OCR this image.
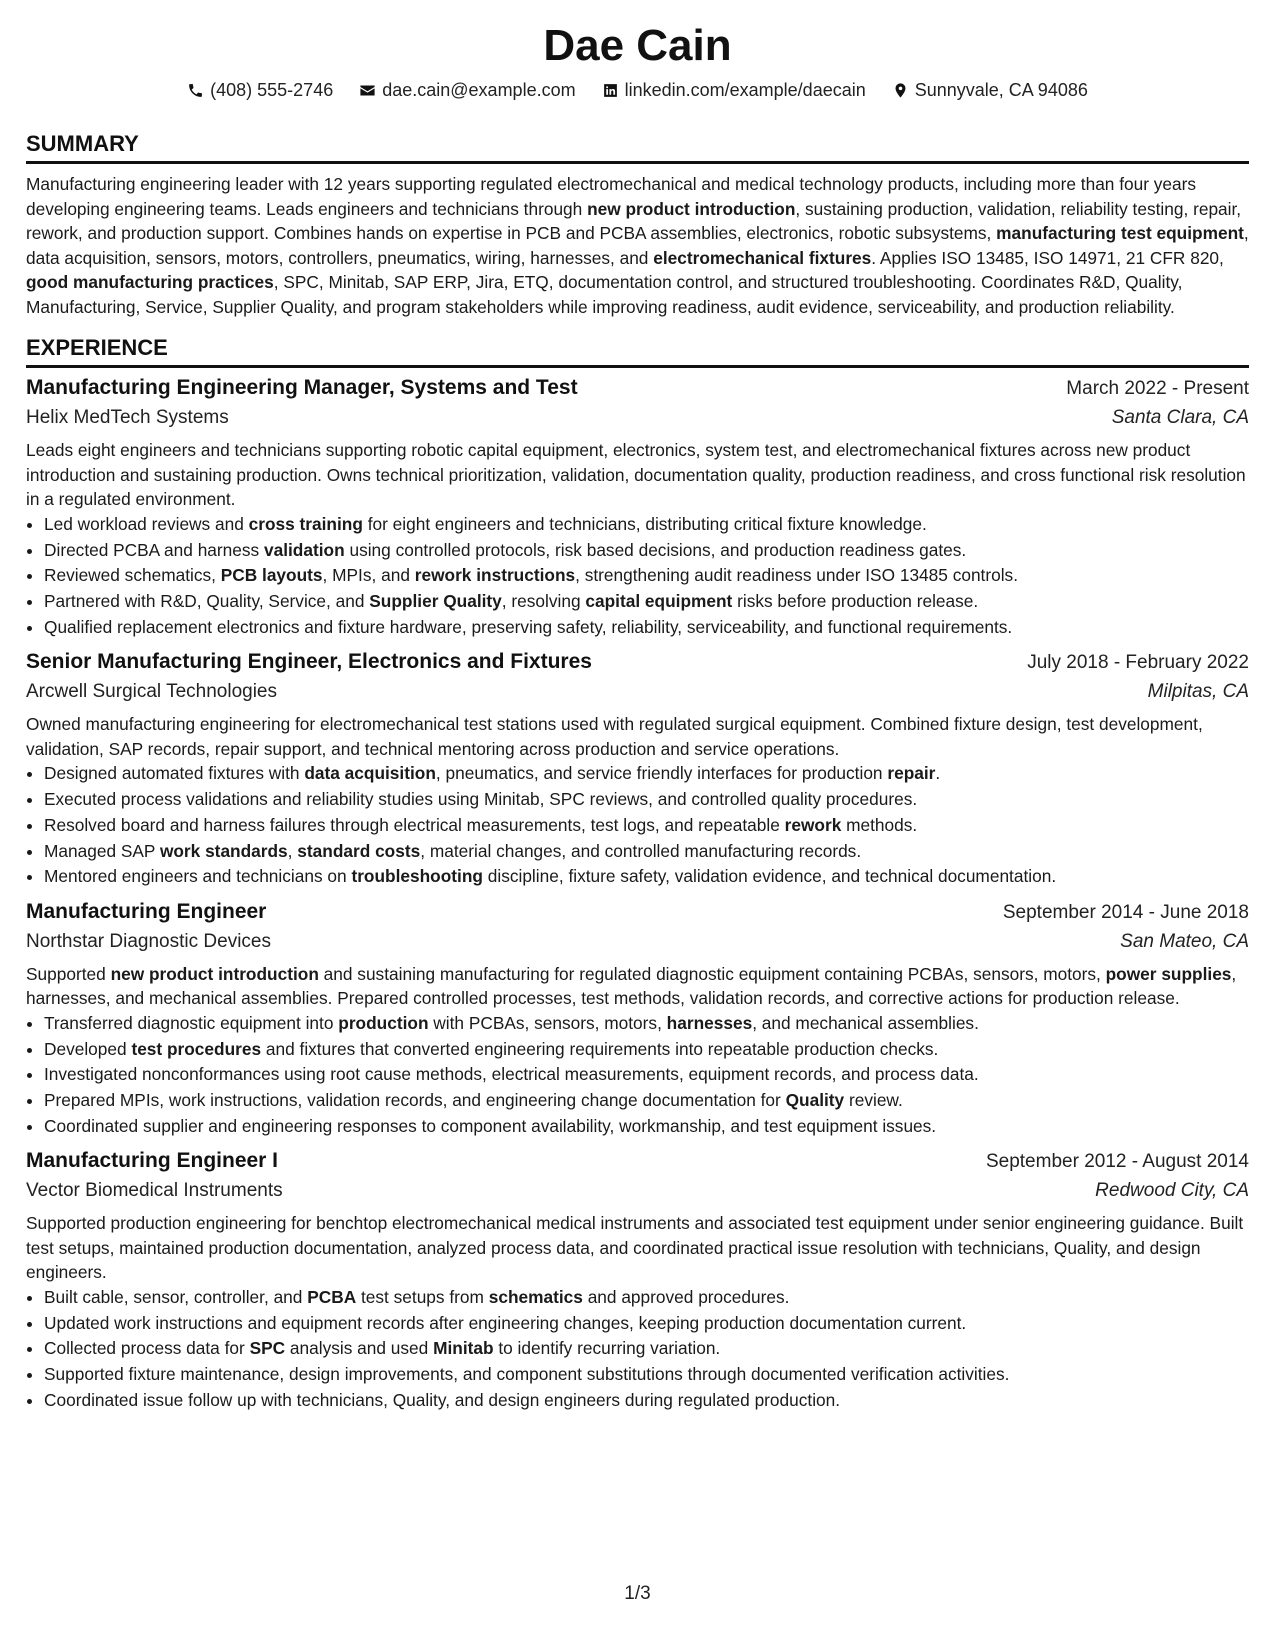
Dae Cain
(408) 555-2746	dae.cain@example.com	linkedin.com/example/daecain	Sunnyvale, CA 94086
SUMMARY

Manufacturing engineering leader with 12 years supporting regulated electromechanical and medical technology products, including more than four years developing engineering teams. Leads engineers and technicians through new product introduction, sustaining production, validation, reliability testing, repair, rework, and production support. Combines hands on expertise in PCB and PCBA assemblies, electronics, robotic subsystems, manufacturing test equipment, data acquisition, sensors, motors, controllers, pneumatics, wiring, harnesses, and electromechanical fixtures. Applies ISO 13485, ISO 14971, 21 CFR 820, good manufacturing practices, SPC, Minitab, SAP ERP, Jira, ETQ, documentation control, and structured troubleshooting. Coordinates R&D, Quality, Manufacturing, Service, Supplier Quality, and program stakeholders while improving readiness, audit evidence, serviceability, and production reliability.

EXPERIENCE
Manufacturing Engineering Manager, Systems and Test	March 2022 - Present
Helix MedTech Systems	Santa Clara, CA

Leads eight engineers and technicians supporting robotic capital equipment, electronics, system test, and electromechanical fixtures across new product introduction and sustaining production. Owns technical prioritization, validation, documentation quality, production readiness, and cross functional risk resolution in a regulated environment.

• Led workload reviews and cross training for eight engineers and technicians, distributing critical fixture knowledge.
• Directed PCBA and harness validation using controlled protocols, risk based decisions, and production readiness gates.
• Reviewed schematics, PCB layouts, MPIs, and rework instructions, strengthening audit readiness under ISO 13485 controls.
• Partnered with R&D, Quality, Service, and Supplier Quality, resolving capital equipment risks before production release.
• Qualified replacement electronics and fixture hardware, preserving safety, reliability, serviceability, and functional requirements.
Senior Manufacturing Engineer, Electronics and Fixtures	July 2018 - February 2022
Arcwell Surgical Technologies	Milpitas, CA

Owned manufacturing engineering for electromechanical test stations used with regulated surgical equipment. Combined fixture design, test development, validation, SAP records, repair support, and technical mentoring across production and service operations.

• Designed automated fixtures with data acquisition, pneumatics, and service friendly interfaces for production repair.
• Executed process validations and reliability studies using Minitab, SPC reviews, and controlled quality procedures.
• Resolved board and harness failures through electrical measurements, test logs, and repeatable rework methods.
• Managed SAP work standards, standard costs, material changes, and controlled manufacturing records.
• Mentored engineers and technicians on troubleshooting discipline, fixture safety, validation evidence, and technical documentation.
Manufacturing Engineer	September 2014 - June 2018
Northstar Diagnostic Devices	San Mateo, CA

Supported new product introduction and sustaining manufacturing for regulated diagnostic equipment containing PCBAs, sensors, motors, power supplies, harnesses, and mechanical assemblies. Prepared controlled processes, test methods, validation records, and corrective actions for production release.

• Transferred diagnostic equipment into production with PCBAs, sensors, motors, harnesses, and mechanical assemblies.
• Developed test procedures and fixtures that converted engineering requirements into repeatable production checks.
• Investigated nonconformances using root cause methods, electrical measurements, equipment records, and process data.
• Prepared MPIs, work instructions, validation records, and engineering change documentation for Quality review.
• Coordinated supplier and engineering responses to component availability, workmanship, and test equipment issues.
Manufacturing Engineer I	September 2012 - August 2014
Vector Biomedical Instruments	Redwood City, CA

Supported production engineering for benchtop electromechanical medical instruments and associated test equipment under senior engineering guidance. Built test setups, maintained production documentation, analyzed process data, and coordinated practical issue resolution with technicians, Quality, and design engineers.

• Built cable, sensor, controller, and PCBA test setups from schematics and approved procedures.
• Updated work instructions and equipment records after engineering changes, keeping production documentation current.
• Collected process data for SPC analysis and used Minitab to identify recurring variation.
• Supported fixture maintenance, design improvements, and component substitutions through documented verification activities.
• Coordinated issue follow up with technicians, Quality, and design engineers during regulated production.
1/3
